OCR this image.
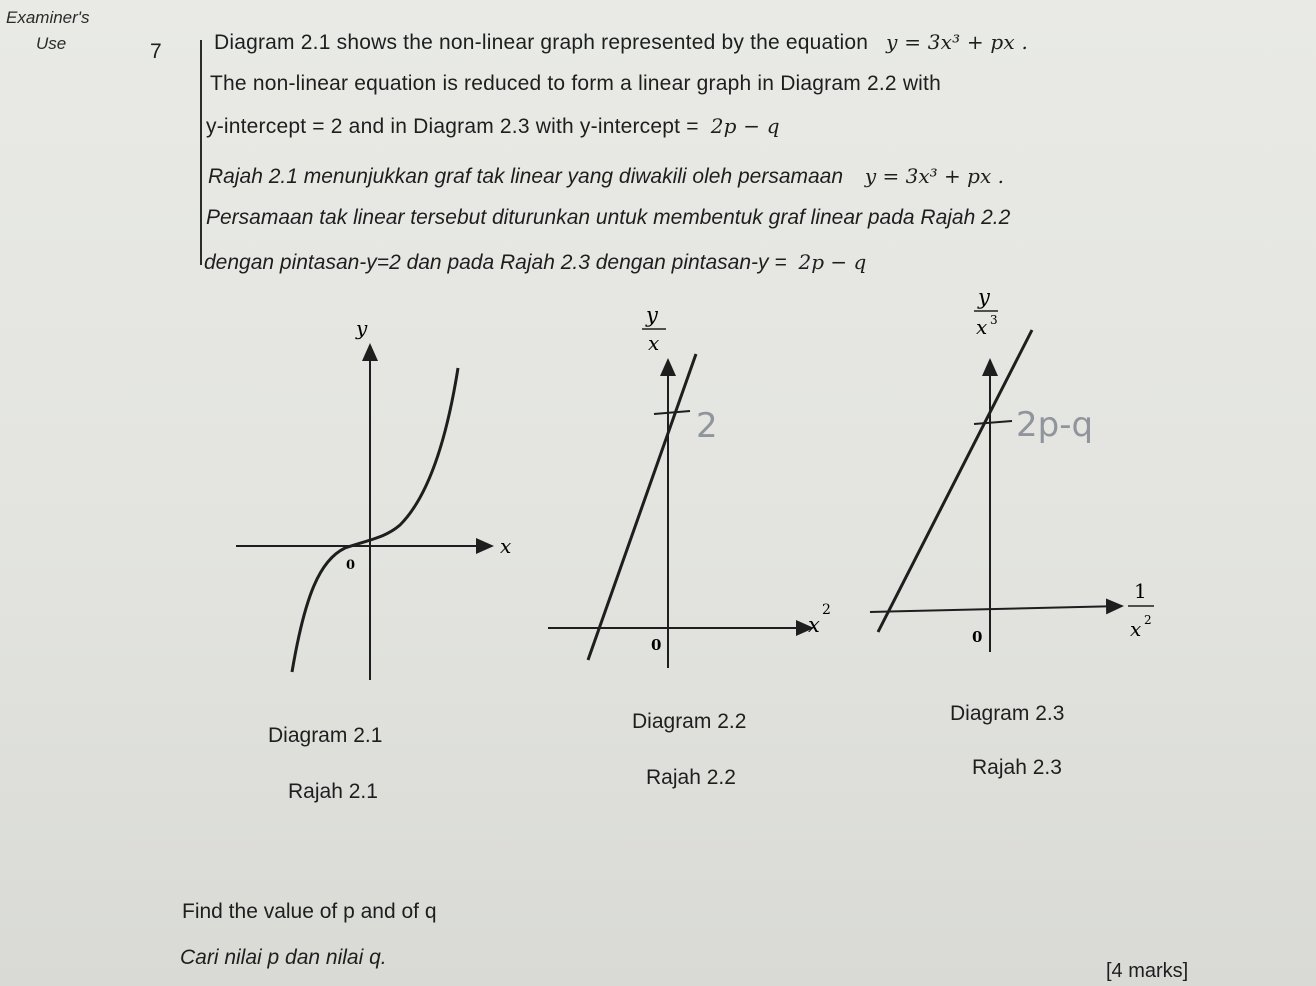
Examiner's
Use	7 Diagram 2.1 shows the non-linear graph represented by the equation y = 3x³ + px .
The non-linear equation is reduced to form a linear graph in Diagram 2.2 with
y-intercept = 2 and in Diagram 2.3 with y-intercept = 2p − q
Rajah 2.1 menunjukkan graf tak linear yang diwakili oleh persamaan y = 3x³ + px .
Persamaan tak linear tersebut diturunkan untuk membentuk graf linear pada Rajah 2.2
dengan pintasan-y=2 dan pada Rajah 2.3 dengan pintasan-y = 2p − q
y
x
0
y
x
x
2
0
2
y
x 3
1
x 2
0
2p-q
Diagram 2.1
Rajah 2.1
Diagram 2.2
Rajah 2.2
Diagram 2.3
Rajah 2.3
Find the value of p and of q
Cari nilai p dan nilai q.
[4 marks]
